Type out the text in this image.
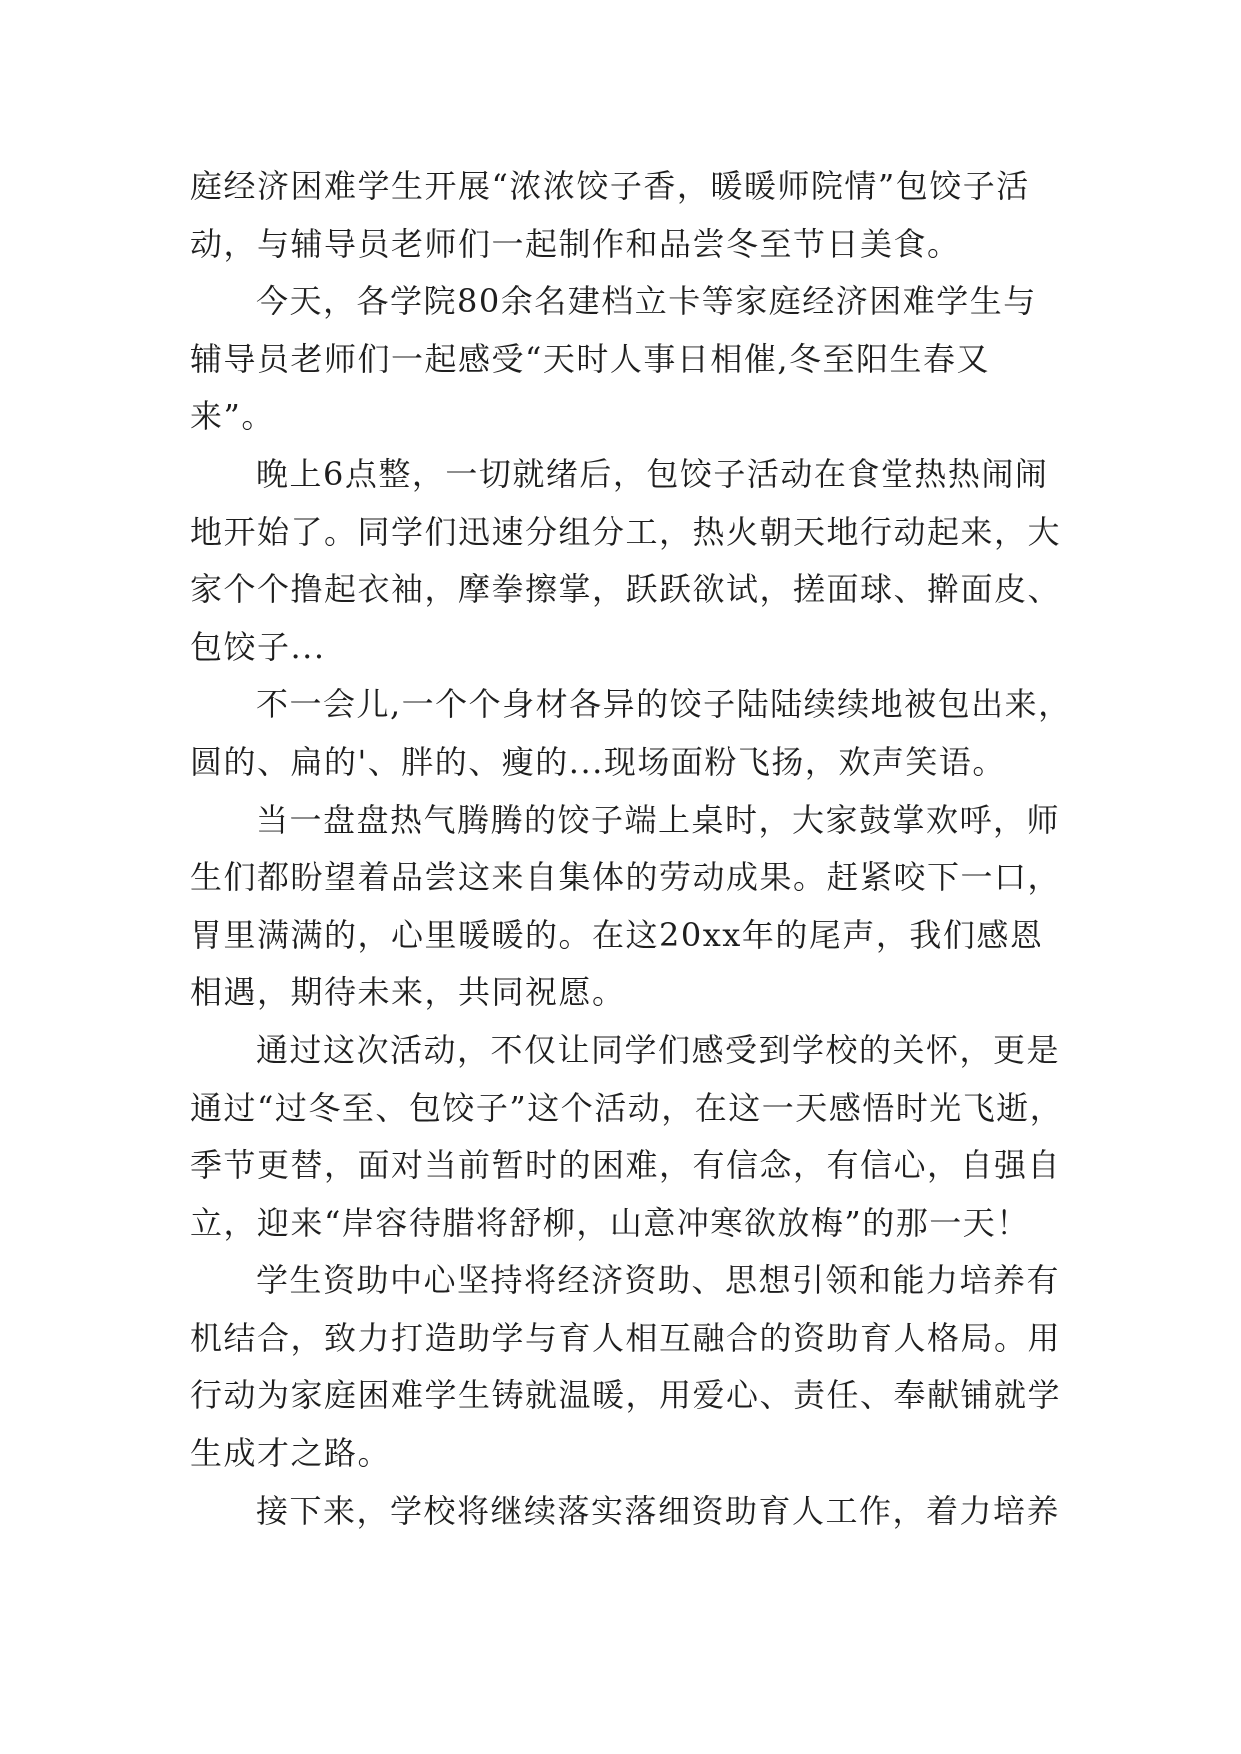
庭经济困难学生开展“浓浓饺子香，暖暖师院情”包饺子活
动，与辅导员老师们一起制作和品尝冬至节日美食。
今天，各学院80余名建档立卡等家庭经济困难学生与
辅导员老师们一起感受“天时人事日相催,冬至阳生春又
来”。
晚上6点整，一切就绪后，包饺子活动在食堂热热闹闹
地开始了。同学们迅速分组分工，热火朝天地行动起来，大
家个个撸起衣袖，摩拳擦掌，跃跃欲试，搓面球、擀面皮、
包饺子...
不一会儿,一个个身材各异的饺子陆陆续续地被包出来，
圆的、扁的'、胖的、瘦的...现场面粉飞扬，欢声笑语。
当一盘盘热气腾腾的饺子端上桌时，大家鼓掌欢呼，师
生们都盼望着品尝这来自集体的劳动成果。赶紧咬下一口，
胃里满满的，心里暖暖的。在这20xx年的尾声，我们感恩
相遇，期待未来，共同祝愿。
通过这次活动，不仅让同学们感受到学校的关怀，更是
通过“过冬至、包饺子”这个活动，在这一天感悟时光飞逝，
季节更替，面对当前暂时的困难，有信念，有信心，自强自
立，迎来“岸容待腊将舒柳，山意冲寒欲放梅”的那一天！
学生资助中心坚持将经济资助、思想引领和能力培养有
机结合，致力打造助学与育人相互融合的资助育人格局。用
行动为家庭困难学生铸就温暖，用爱心、责任、奉献铺就学
生成才之路。
接下来，学校将继续落实落细资助育人工作，着力培养
